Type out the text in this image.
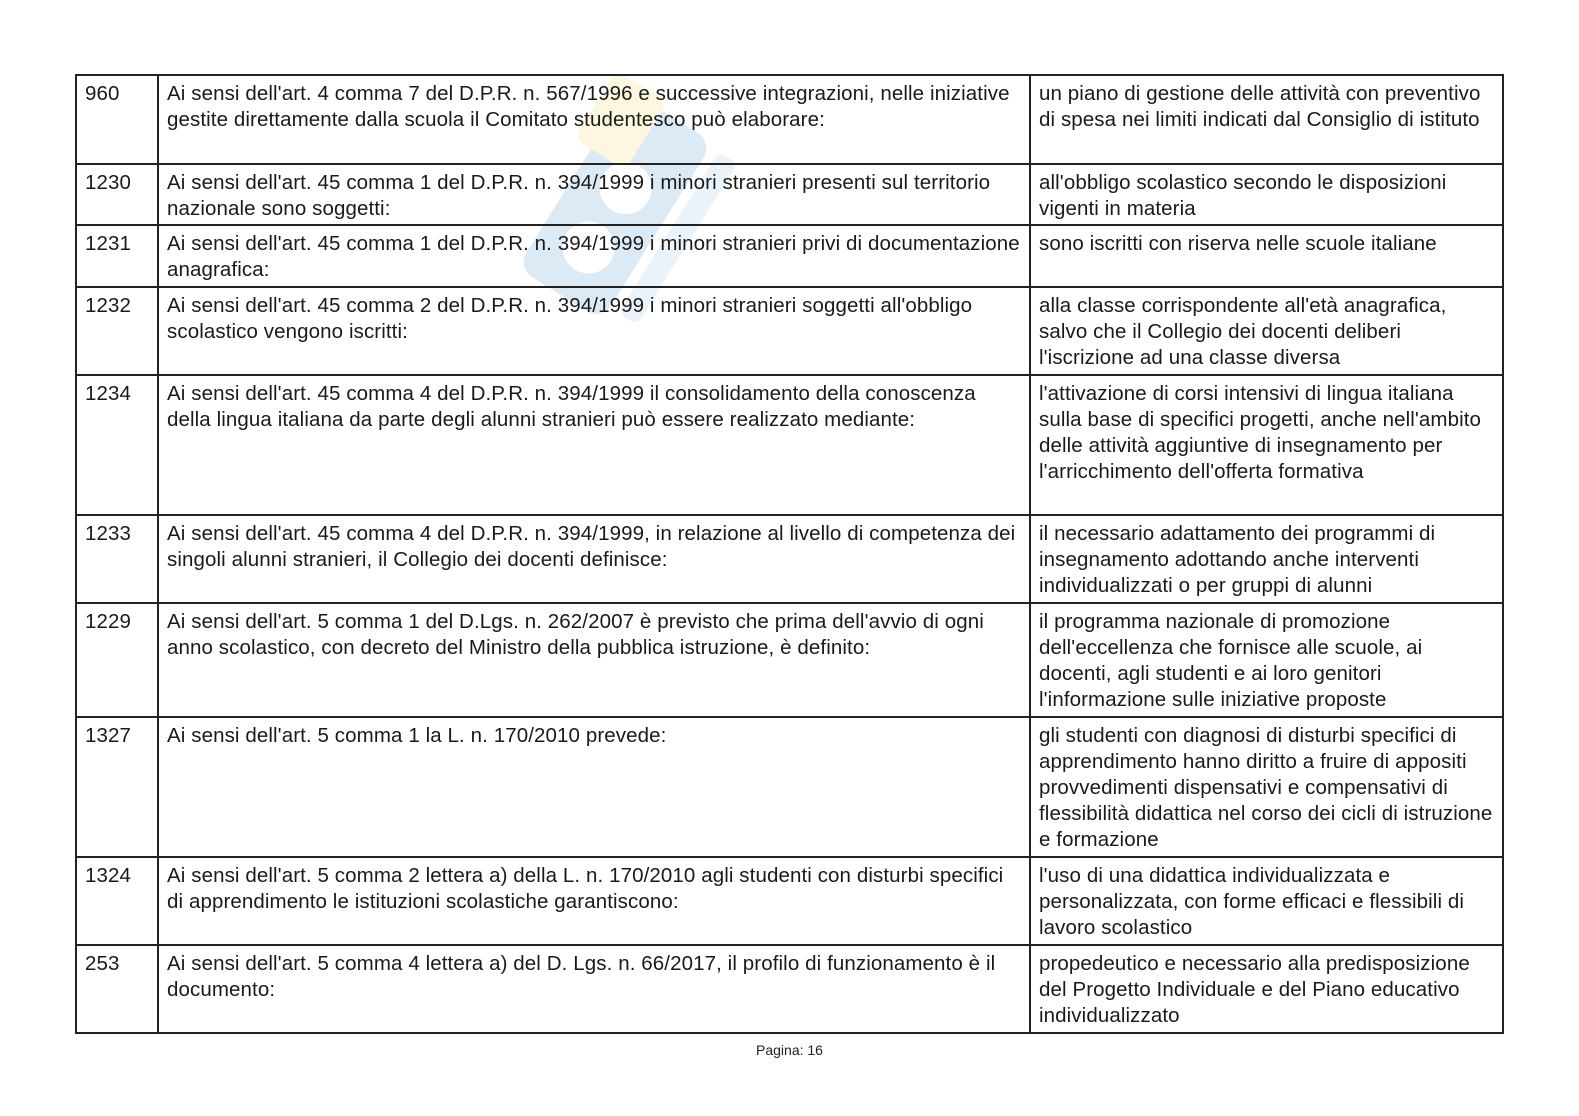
960	Ai sensi dell'art. 4 comma 7 del D.P.R. n. 567/1996 e successive integrazioni, nelle iniziative gestite direttamente dalla scuola il Comitato studentesco può elaborare:	un piano di gestione delle attività con preventivo di spesa nei limiti indicati dal Consiglio di istituto
1230	Ai sensi dell'art. 45 comma 1 del D.P.R. n. 394/1999 i minori stranieri presenti sul territorio nazionale sono soggetti:	all'obbligo scolastico secondo le disposizioni vigenti in materia
1231	Ai sensi dell'art. 45 comma 1 del D.P.R. n. 394/1999 i minori stranieri privi di documentazione anagrafica:	sono iscritti con riserva nelle scuole italiane
1232	Ai sensi dell'art. 45 comma 2 del D.P.R. n. 394/1999 i minori stranieri soggetti all'obbligo scolastico vengono iscritti:	alla classe corrispondente all'età anagrafica, salvo che il Collegio dei docenti deliberi l'iscrizione ad una classe diversa
1234	Ai sensi dell'art. 45 comma 4 del D.P.R. n. 394/1999 il consolidamento della conoscenza della lingua italiana da parte degli alunni stranieri può essere realizzato mediante:	l'attivazione di corsi intensivi di lingua italiana sulla base di specifici progetti, anche nell'ambito delle attività aggiuntive di insegnamento per l'arricchimento dell'offerta formativa
1233	Ai sensi dell'art. 45 comma 4 del D.P.R. n. 394/1999, in relazione al livello di competenza dei singoli alunni stranieri, il Collegio dei docenti definisce:	il necessario adattamento dei programmi di insegnamento adottando anche interventi individualizzati o per gruppi di alunni
1229	Ai sensi dell'art. 5 comma 1 del D.Lgs. n. 262/2007 è previsto che prima dell'avvio di ogni anno scolastico, con decreto del Ministro della pubblica istruzione, è definito:	il programma nazionale di promozione dell'eccellenza che fornisce alle scuole, ai docenti, agli studenti e ai loro genitori l'informazione sulle iniziative proposte
1327	Ai sensi dell'art. 5 comma 1 la L. n. 170/2010 prevede:	gli studenti con diagnosi di disturbi specifici di apprendimento hanno diritto a fruire di appositi provvedimenti dispensativi e compensativi di flessibilità didattica nel corso dei cicli di istruzione e formazione
1324	Ai sensi dell'art. 5 comma 2 lettera a) della L. n. 170/2010 agli studenti con disturbi specifici di apprendimento le istituzioni scolastiche garantiscono:	l'uso di una didattica individualizzata e personalizzata, con forme efficaci e flessibili di lavoro scolastico
253	Ai sensi dell'art. 5 comma 4 lettera a) del D. Lgs. n. 66/2017, il profilo di funzionamento è il documento:	propedeutico e necessario alla predisposizione del Progetto Individuale e del Piano educativo individualizzato
Pagina: 16
